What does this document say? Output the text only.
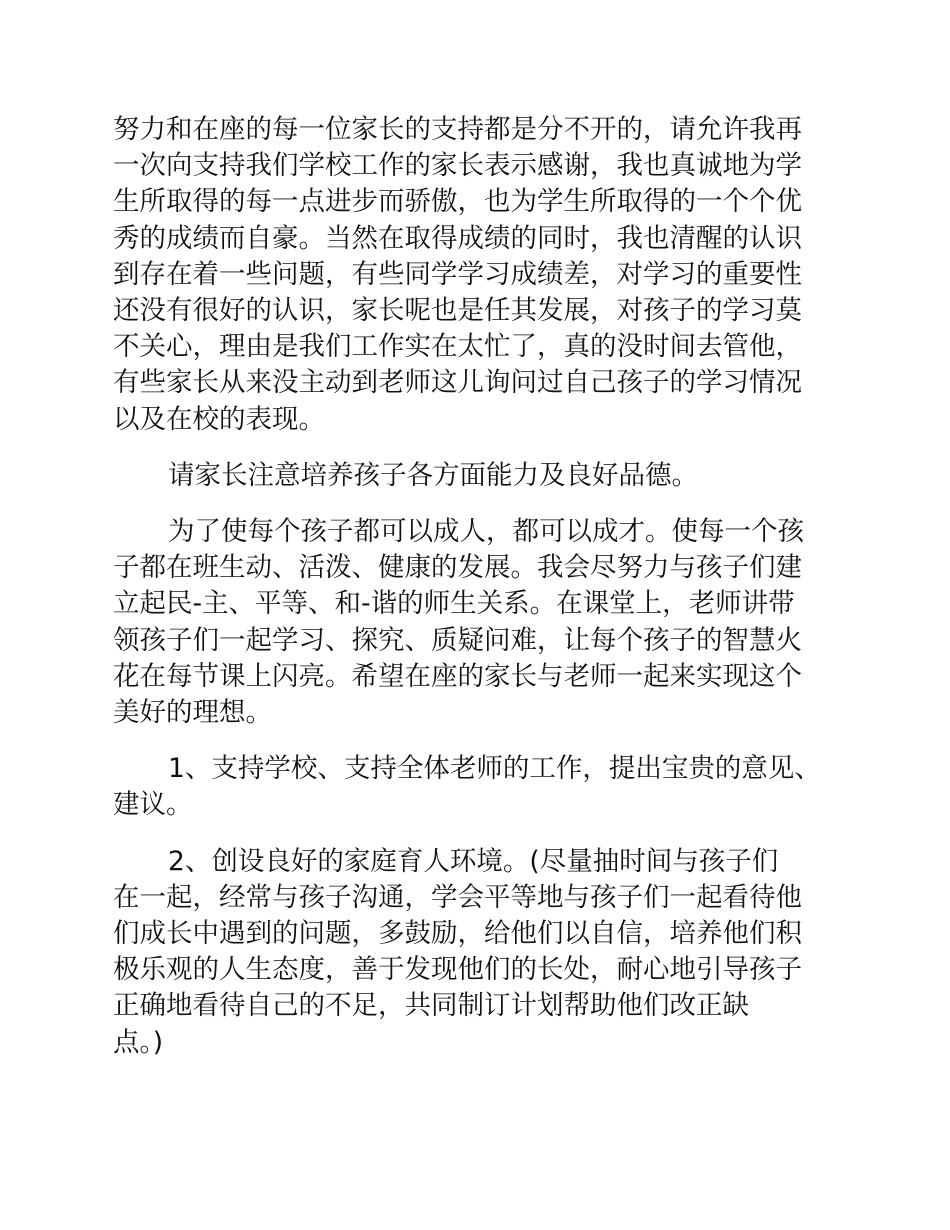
努力和在座的每一位家长的支持都是分不开的，请允许我再
一次向支持我们学校工作的家长表示感谢，我也真诚地为学
生所取得的每一点进步而骄傲，也为学生所取得的一个个优
秀的成绩而自豪。当然在取得成绩的同时，我也清醒的认识
到存在着一些问题，有些同学学习成绩差，对学习的重要性
还没有很好的认识，家长呢也是任其发展，对孩子的学习莫
不关心，理由是我们工作实在太忙了，真的没时间去管他，
有些家长从来没主动到老师这儿询问过自己孩子的学习情况
以及在校的表现。

请家长注意培养孩子各方面能力及良好品德。

为了使每个孩子都可以成人，都可以成才。使每一个孩
子都在班生动、活泼、健康的发展。我会尽努力与孩子们建
立起民-主、平等、和-谐的师生关系。在课堂上，老师讲带
领孩子们一起学习、探究、质疑问难，让每个孩子的智慧火
花在每节课上闪亮。希望在座的家长与老师一起来实现这个
美好的理想。

1、支持学校、支持全体老师的工作，提出宝贵的意见、
建议。

2、创设良好的家庭育人环境。(尽量抽时间与孩子们
在一起，经常与孩子沟通，学会平等地与孩子们一起看待他
们成长中遇到的问题，多鼓励，给他们以自信，培养他们积
极乐观的人生态度，善于发现他们的长处，耐心地引导孩子
正确地看待自己的不足，共同制订计划帮助他们改正缺
点。)
